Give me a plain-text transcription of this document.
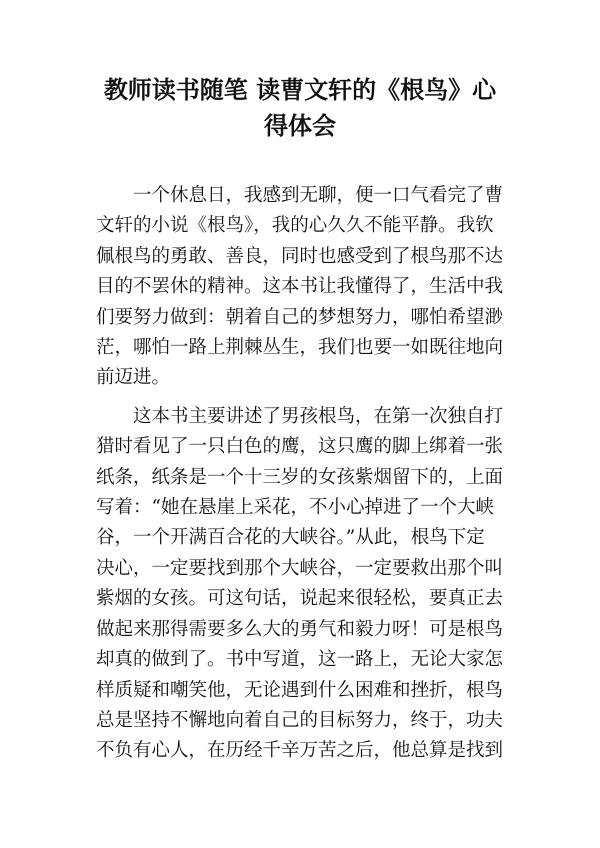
教师读书随笔 读曹文轩的《根鸟》心
得体会

　　一个休息日，我感到无聊，便一口气看完了曹
文轩的小说《根鸟》，我的心久久不能平静。我钦
佩根鸟的勇敢、善良，同时也感受到了根鸟那不达
目的不罢休的精神。这本书让我懂得了，生活中我
们要努力做到：朝着自己的梦想努力，哪怕希望渺
茫，哪怕一路上荆棘丛生，我们也要一如既往地向
前迈进。

　　这本书主要讲述了男孩根鸟，在第一次独自打
猎时看见了一只白色的鹰，这只鹰的脚上绑着一张
纸条，纸条是一个十三岁的女孩紫烟留下的，上面
写着：“她在悬崖上采花，不小心掉进了一个大峡
谷，一个开满百合花的大峡谷。”从此，根鸟下定
决心，一定要找到那个大峡谷，一定要救出那个叫
紫烟的女孩。可这句话，说起来很轻松，要真正去
做起来那得需要多么大的勇气和毅力呀！可是根鸟
却真的做到了。书中写道，这一路上，无论大家怎
样质疑和嘲笑他，无论遇到什么困难和挫折，根鸟
总是坚持不懈地向着自己的目标努力，终于，功夫
不负有心人，在历经千辛万苦之后，他总算是找到
